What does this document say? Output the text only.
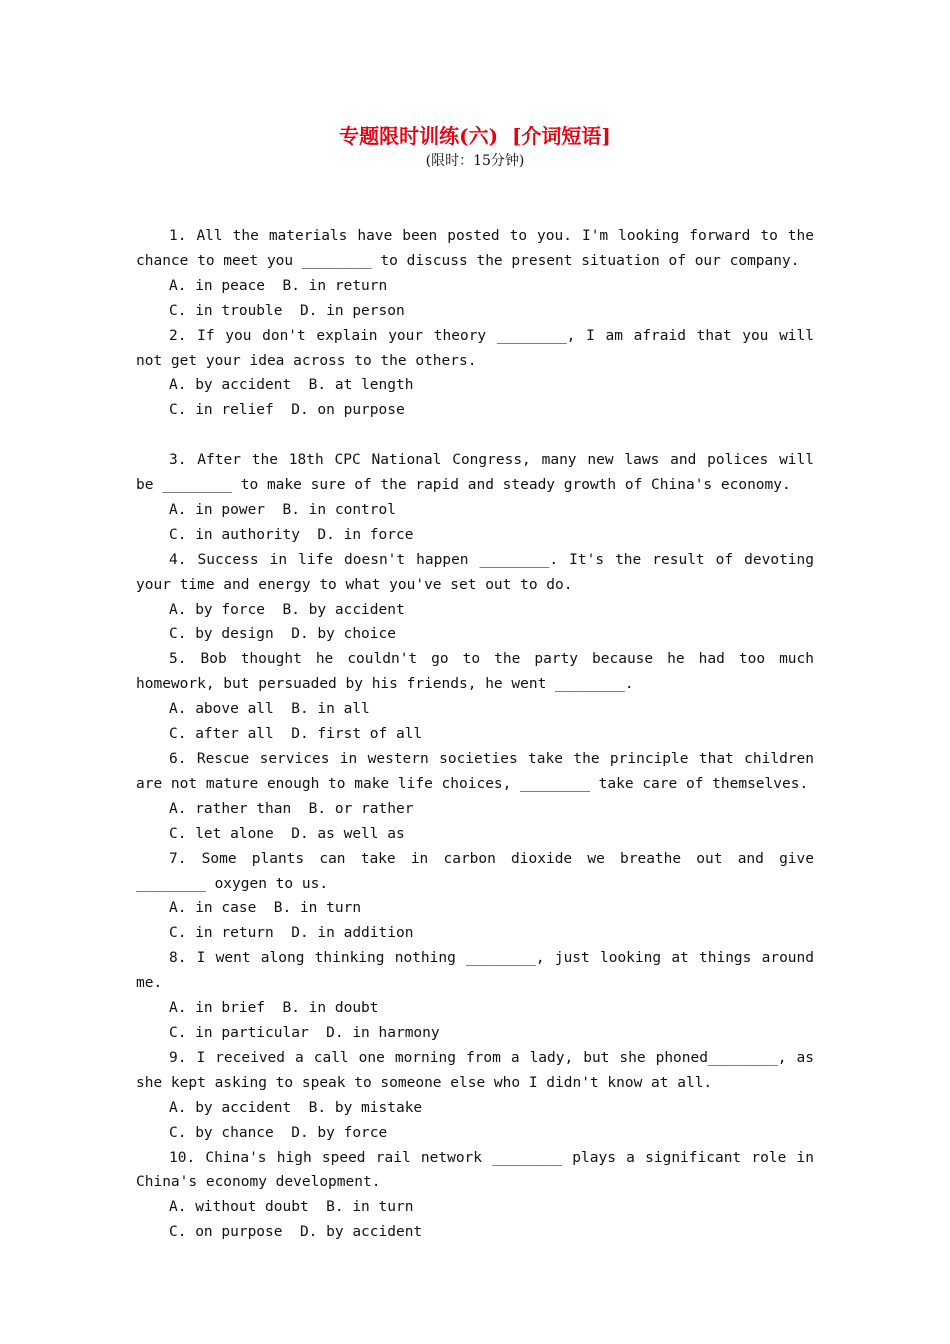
专题限时训练(六)  [介词短语]
(限时：15分钟)

1. All the materials have been posted to you. I'm looking forward to the chance to meet you ________ to discuss the present situation of our company.

A. in peace  B. in return

C. in trouble  D. in person

2. If you don't explain your theory ________, I am afraid that you will not get your idea across to the others.

A. by accident  B. at length

C. in relief  D. on purpose

3. After the 18th CPC National Congress, many new laws and polices will be ________ to make sure of the rapid and steady growth of China's economy.

A. in power  B. in control

C. in authority  D. in force

4. Success in life doesn't happen ________. It's the result of devoting your time and energy to what you've set out to do.

A. by force  B. by accident

C. by design  D. by choice

5. Bob thought he couldn't go to the party because he had too much homework, but persuaded by his friends, he went ________.

A. above all  B. in all

C. after all  D. first of all

6. Rescue services in western societies take the principle that children are not mature enough to make life choices, ________ take care of themselves.

A. rather than  B. or rather

C. let alone  D. as well as

7. Some plants can take in carbon dioxide we breathe out and give ________ oxygen to us.

A. in case  B. in turn

C. in return  D. in addition

8. I went along thinking nothing ________, just looking at things around me.

A. in brief  B. in doubt

C. in particular  D. in harmony

9. I received a call one morning from a lady, but she phoned________, as she kept asking to speak to someone else who I didn't know at all.

A. by accident  B. by mistake

C. by chance  D. by force

10. China's high speed rail network ________ plays a significant role in China's economy development.

A. without doubt  B. in turn

C. on purpose  D. by accident
